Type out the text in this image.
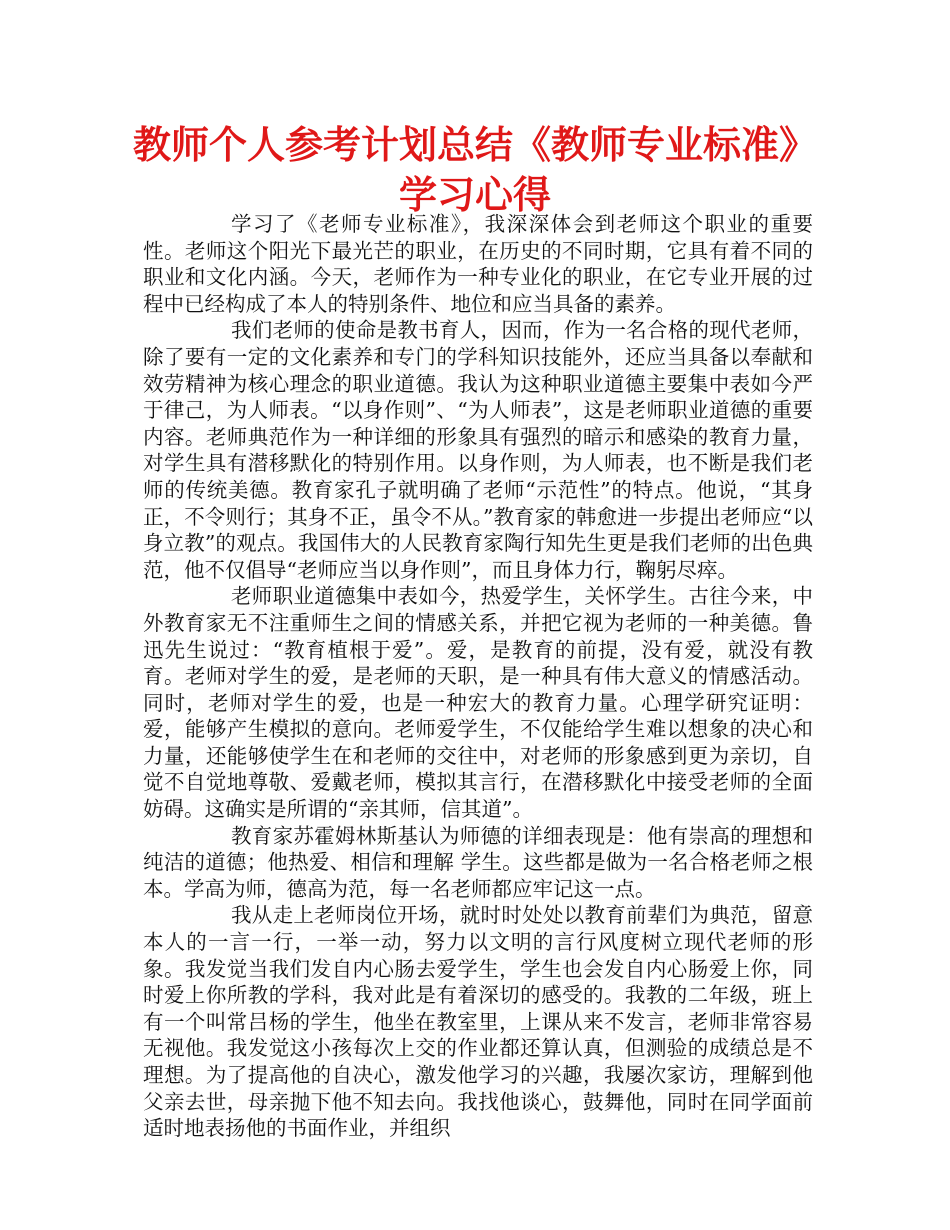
教师个人参考计划总结《教师专业标准》学习心得

学习了《老师专业标准》，我深深体会到老师这个职业的重要性。老师这个阳光下最光芒的职业，在历史的不同时期，它具有着不同的职业和文化内涵。今天，老师作为一种专业化的职业，在它专业开展的过程中已经构成了本人的特别条件、地位和应当具备的素养。

我们老师的使命是教书育人，因而，作为一名合格的现代老师，除了要有一定的文化素养和专门的学科知识技能外，还应当具备以奉献和效劳精神为核心理念的职业道德。我认为这种职业道德主要集中表如今严于律己，为人师表。“以身作则”、“为人师表”，这是老师职业道德的重要内容。老师典范作为一种详细的形象具有强烈的暗示和感染的教育力量，对学生具有潜移默化的特别作用。以身作则，为人师表，也不断是我们老师的传统美德。教育家孔子就明确了老师“示范性”的特点。他说，“其身正，不令则行；其身不正，虽令不从。”教育家的韩愈进一步提出老师应“以身立教”的观点。我国伟大的人民教育家陶行知先生更是我们老师的出色典范，他不仅倡导“老师应当以身作则”，而且身体力行，鞠躬尽瘁。

老师职业道德集中表如今，热爱学生，关怀学生。古往今来，中外教育家无不注重师生之间的情感关系，并把它视为老师的一种美德。鲁迅先生说过：“教育植根于爱”。爱，是教育的前提，没有爱，就没有教育。老师对学生的爱，是老师的天职，是一种具有伟大意义的情感活动。同时，老师对学生的爱，也是一种宏大的教育力量。心理学研究证明：爱，能够产生模拟的意向。老师爱学生，不仅能给学生难以想象的决心和力量，还能够使学生在和老师的交往中，对老师的形象感到更为亲切，自觉不自觉地尊敬、爱戴老师，模拟其言行，在潜移默化中接受老师的全面妨碍。这确实是所谓的“亲其师，信其道”。

教育家苏霍姆林斯基认为师德的详细表现是：他有崇高的理想和纯洁的道德；他热爱、相信和理解 学生。这些都是做为一名合格老师之根本。学高为师，德高为范，每一名老师都应牢记这一点。

我从走上老师岗位开场，就时时处处以教育前辈们为典范，留意本人的一言一行，一举一动，努力以文明的言行风度树立现代老师的形象。我发觉当我们发自内心肠去爱学生，学生也会发自内心肠爱上你，同时爱上你所教的学科，我对此是有着深切的感受的。我教的二年级，班上有一个叫常吕杨的学生，他坐在教室里，上课从来不发言，老师非常容易无视他。我发觉这小孩每次上交的作业都还算认真，但测验的成绩总是不理想。为了提高他的自决心，激发他学习的兴趣，我屡次家访，理解到他父亲去世，母亲抛下他不知去向。我找他谈心，鼓舞他，同时在同学面前适时地表扬他的书面作业，并组织
